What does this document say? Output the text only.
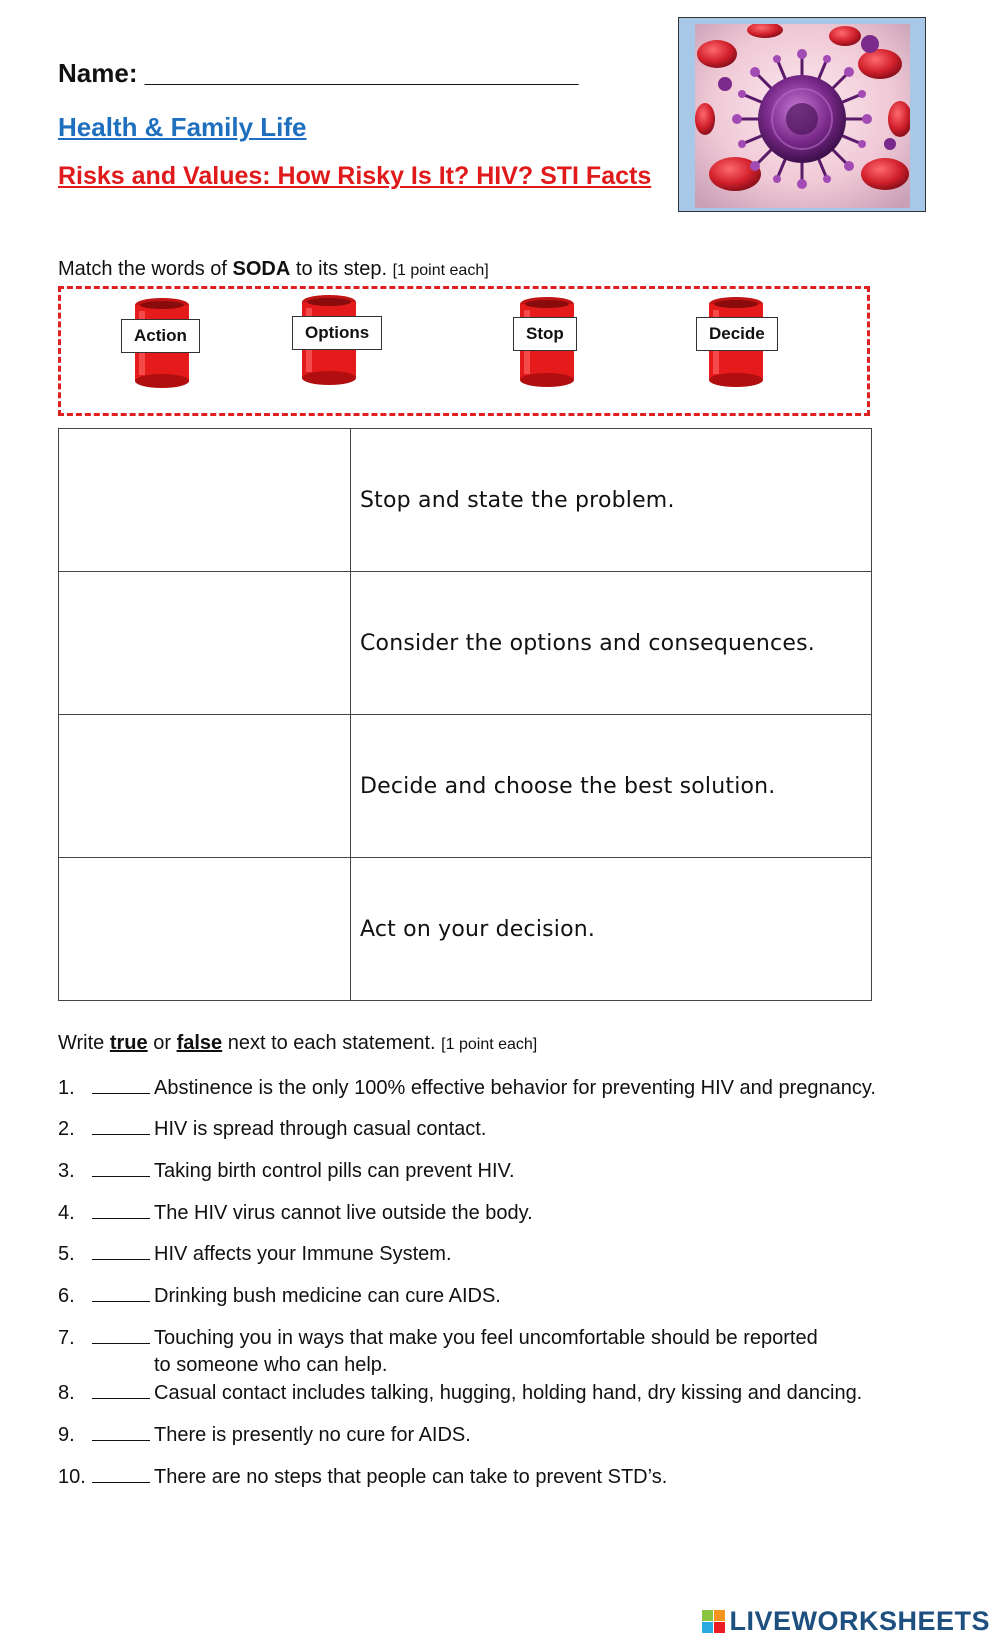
Name: ______________________________
Health & Family Life
Risks and Values: How Risky Is It? HIV? STI Facts
Match the words of SODA to its step. [1 point each]
Action	Options	Stop	Decide
	Stop and state the problem.
	Consider the options and consequences.
	Decide and choose the best solution.
	Act on your decision.
Write true or false next to each statement. [1 point each]
1.	Abstinence is the only 100% effective behavior for preventing HIV and pregnancy.
2.	HIV is spread through casual contact.
3.	Taking birth control pills can prevent HIV.
4.	The HIV virus cannot live outside the body.
5.	HIV affects your Immune System.
6.	Drinking bush medicine can cure AIDS.
7.	Touching you in ways that make you feel uncomfortable should be reported
to someone who can help.
8.	Casual contact includes talking, hugging, holding hand, dry kissing and dancing.
9.	There is presently no cure for AIDS.
10.	There are no steps that people can take to prevent STD’s.
LIVEWORKSHEETS
